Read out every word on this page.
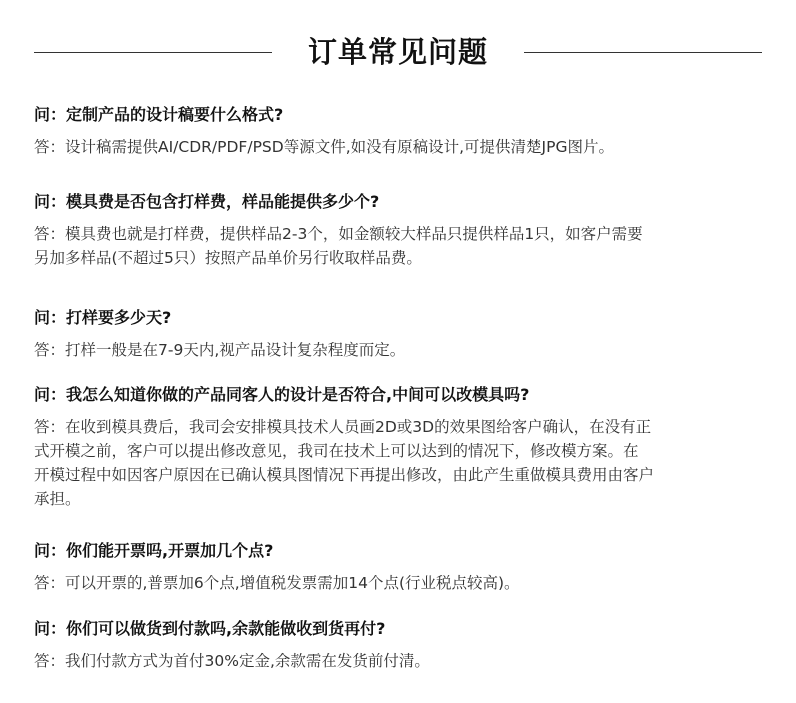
订单常见问题
问：定制产品的设计稿要什么格式?
答：设计稿需提供AI/CDR/PDF/PSD等源文件,如没有原稿设计,可提供清楚JPG图片。
问：模具费是否包含打样费，样品能提供多少个?
答：模具费也就是打样费，提供样品2-3个，如金额较大样品只提供样品1只，如客户需要
另加多样品(不超过5只）按照产品单价另行收取样品费。
问：打样要多少天?
答：打样一般是在7-9天内,视产品设计复杂程度而定。
问：我怎么知道你做的产品同客人的设计是否符合,中间可以改模具吗?
答：在收到模具费后，我司会安排模具技术人员画2D或3D的效果图给客户确认，在没有正
式开模之前，客户可以提出修改意见，我司在技术上可以达到的情况下，修改模方案。在
开模过程中如因客户原因在已确认模具图情况下再提出修改，由此产生重做模具费用由客户
承担。
问：你们能开票吗,开票加几个点?
答：可以开票的,普票加6个点,增值税发票需加14个点(行业税点较高)。
问：你们可以做货到付款吗,余款能做收到货再付?
答：我们付款方式为首付30%定金,余款需在发货前付清。
